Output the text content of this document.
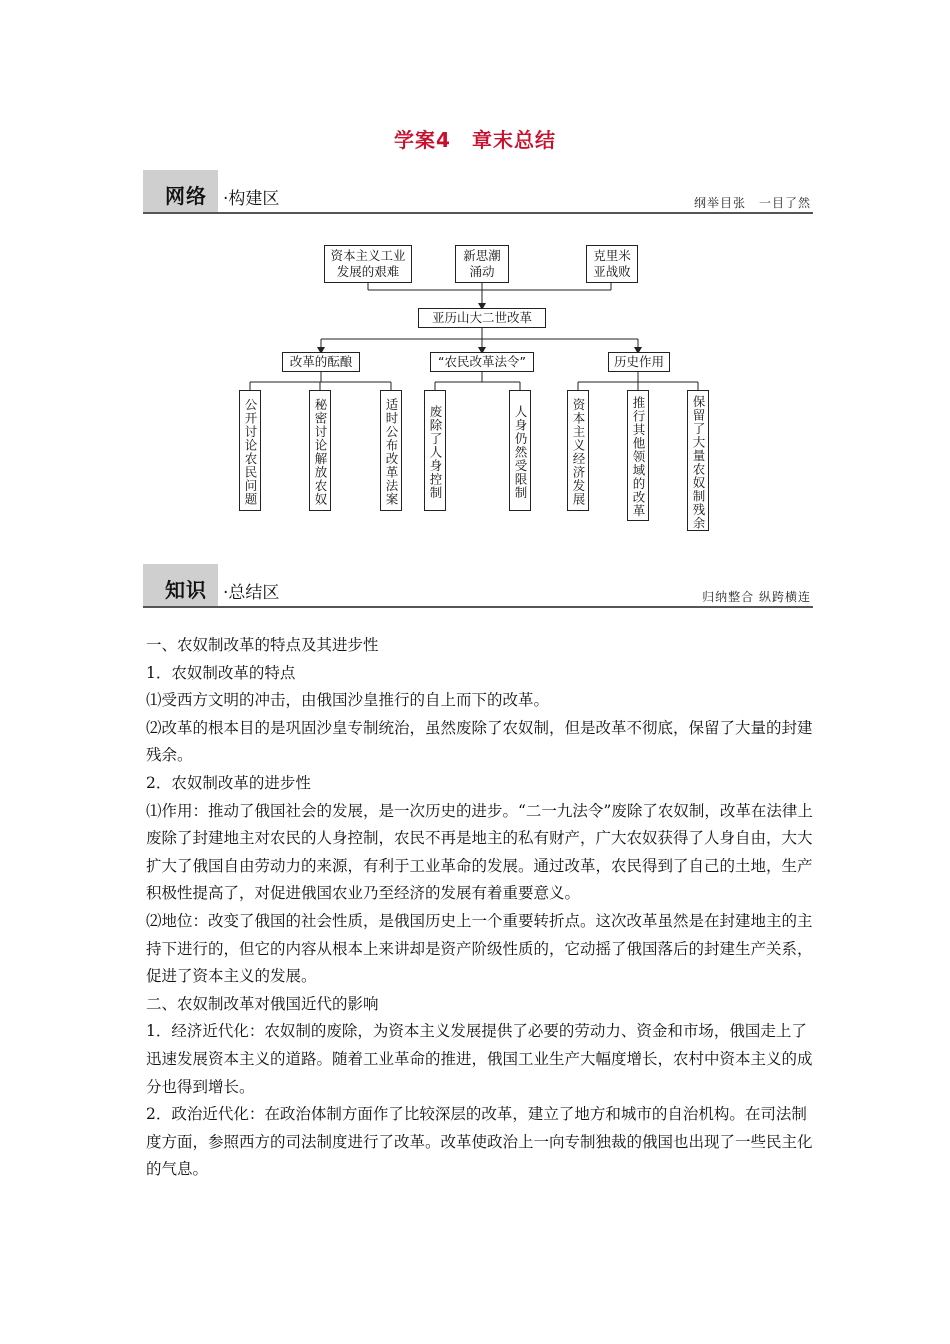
学案4　章末总结
网络 ·构建区	纲举目张　一目了然
资本主义工业发展的艰难
新思潮涌动
克里米亚战败
亚历山大二世改革
改革的酝酿	“农民改革法令”	历史作用
公开讨论农民问题	秘密讨论解放农奴	适时公布改革法案	废除了人身控制	人身仍然受限制	资本主义经济发展	推行其他领域的改革	保留了大量农奴制残余
知识 ·总结区	归纳整合 纵跨横连

一、农奴制改革的特点及其进步性

1．农奴制改革的特点

⑴受西方文明的冲击，由俄国沙皇推行的自上而下的改革。

⑵改革的根本目的是巩固沙皇专制统治，虽然废除了农奴制，但是改革不彻底，保留了大量的封建残余。

2．农奴制改革的进步性

⑴作用：推动了俄国社会的发展，是一次历史的进步。“二一九法令”废除了农奴制，改革在法律上废除了封建地主对农民的人身控制，农民不再是地主的私有财产，广大农奴获得了人身自由，大大扩大了俄国自由劳动力的来源，有利于工业革命的发展。通过改革，农民得到了自己的土地，生产积极性提高了，对促进俄国农业乃至经济的发展有着重要意义。

⑵地位：改变了俄国的社会性质，是俄国历史上一个重要转折点。这次改革虽然是在封建地主的主持下进行的，但它的内容从根本上来讲却是资产阶级性质的，它动摇了俄国落后的封建生产关系，促进了资本主义的发展。

二、农奴制改革对俄国近代的影响

1．经济近代化：农奴制的废除，为资本主义发展提供了必要的劳动力、资金和市场，俄国走上了迅速发展资本主义的道路。随着工业革命的推进，俄国工业生产大幅度增长，农村中资本主义的成分也得到增长。

2．政治近代化：在政治体制方面作了比较深层的改革，建立了地方和城市的自治机构。在司法制度方面，参照西方的司法制度进行了改革。改革使政治上一向专制独裁的俄国也出现了一些民主化的气息。
